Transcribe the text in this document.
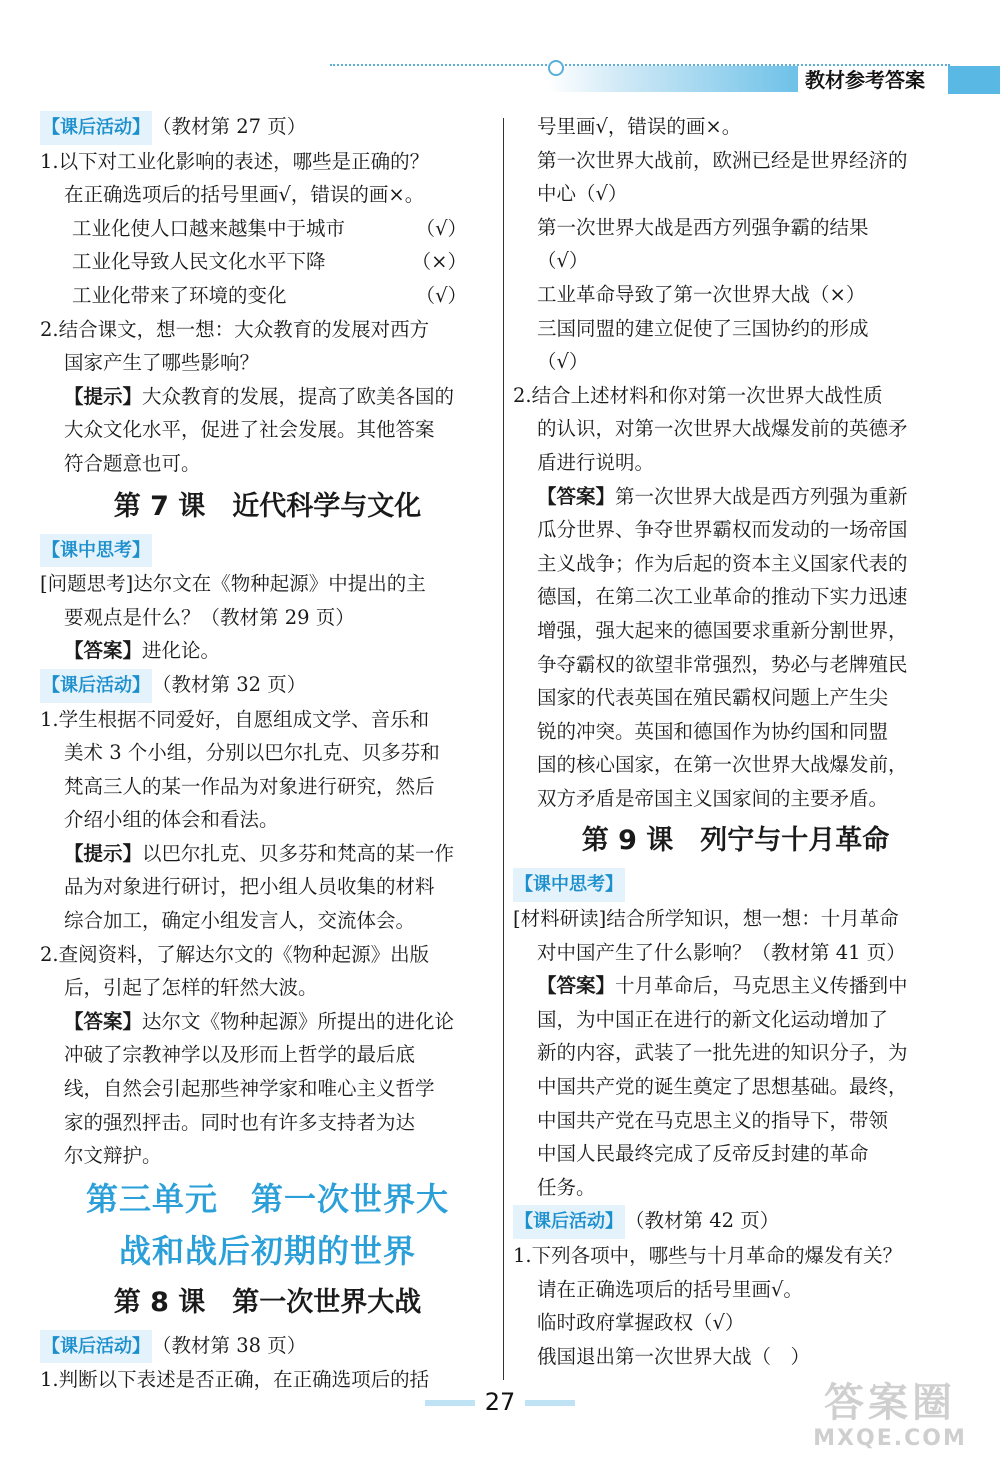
教材参考答案
【课后活动】 （教材第 27 页）
1.以下对工业化影响的表述，哪些是正确的？
在正确选项后的括号里画√，错误的画×。
工业化使人口越来越集中于城市	（√）
工业化导致人民文化水平下降	（×）
工业化带来了环境的变化	（√）
2.结合课文，想一想：大众教育的发展对西方
国家产生了哪些影响？
【提示】大众教育的发展，提高了欧美各国的
大众文化水平，促进了社会发展。其他答案
符合题意也可。
第 7 课　近代科学与文化
【课中思考】
[问题思考]达尔文在《物种起源》中提出的主
要观点是什么？（教材第 29 页）
【答案】进化论。
【课后活动】 （教材第 32 页）
1.学生根据不同爱好，自愿组成文学、音乐和
美术 3 个小组，分别以巴尔扎克、贝多芬和
梵高三人的某一作品为对象进行研究，然后
介绍小组的体会和看法。
【提示】以巴尔扎克、贝多芬和梵高的某一作
品为对象进行研讨，把小组人员收集的材料
综合加工，确定小组发言人，交流体会。
2.查阅资料，了解达尔文的《物种起源》出版
后，引起了怎样的轩然大波。
【答案】达尔文《物种起源》所提出的进化论
冲破了宗教神学以及形而上哲学的最后底
线，自然会引起那些神学家和唯心主义哲学
家的强烈抨击。同时也有许多支持者为达
尔文辩护。
第三单元　第一次世界大
战和战后初期的世界
第 8 课　第一次世界大战
【课后活动】 （教材第 38 页）
1.判断以下表述是否正确，在正确选项后的括
号里画√，错误的画×。
第一次世界大战前，欧洲已经是世界经济的
中心（√）
第一次世界大战是西方列强争霸的结果
（√）
工业革命导致了第一次世界大战（×）
三国同盟的建立促使了三国协约的形成
（√）
2.结合上述材料和你对第一次世界大战性质
的认识，对第一次世界大战爆发前的英德矛
盾进行说明。
【答案】第一次世界大战是西方列强为重新
瓜分世界、争夺世界霸权而发动的一场帝国
主义战争；作为后起的资本主义国家代表的
德国，在第二次工业革命的推动下实力迅速
增强，强大起来的德国要求重新分割世界，
争夺霸权的欲望非常强烈，势必与老牌殖民
国家的代表英国在殖民霸权问题上产生尖
锐的冲突。英国和德国作为协约国和同盟
国的核心国家，在第一次世界大战爆发前，
双方矛盾是帝国主义国家间的主要矛盾。
第 9 课　列宁与十月革命
【课中思考】
[材料研读]结合所学知识，想一想：十月革命
对中国产生了什么影响？（教材第 41 页）
【答案】十月革命后，马克思主义传播到中
国，为中国正在进行的新文化运动增加了
新的内容，武装了一批先进的知识分子，为
中国共产党的诞生奠定了思想基础。最终，
中国共产党在马克思主义的指导下，带领
中国人民最终完成了反帝反封建的革命
任务。
【课后活动】 （教材第 42 页）
1.下列各项中，哪些与十月革命的爆发有关？
请在正确选项后的括号里画√。
临时政府掌握政权（√）
俄国退出第一次世界大战（　）
27	答案圈
MXQE.COM
